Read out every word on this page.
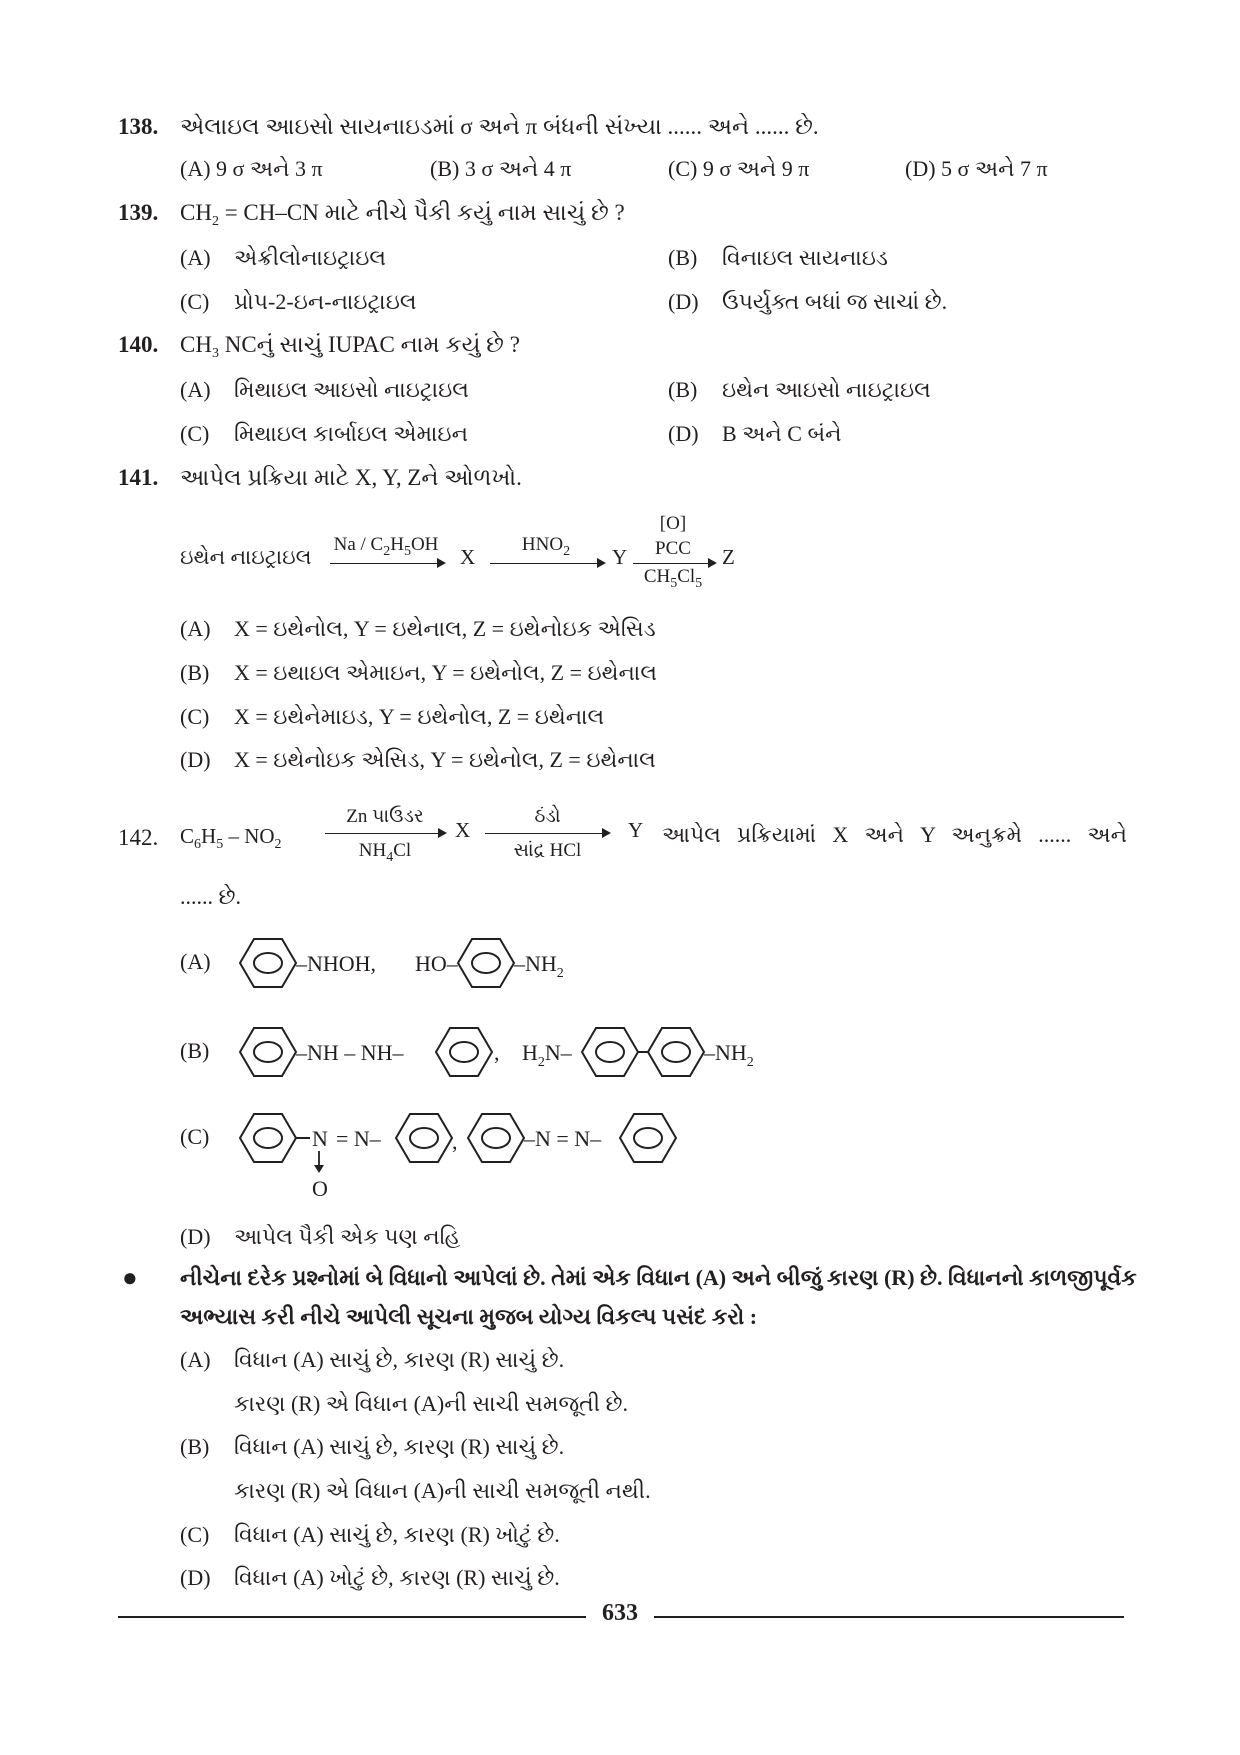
138. એલાઇલ આઇસો સાયનાઇડમાં σ અને π બંધની સંખ્યા ...... અને ...... છે.
(A) 9 σ અને 3 π	(B) 3 σ અને 4 π	(C) 9 σ અને 9 π	(D) 5 σ અને 7 π
139. $CH_2 = CH-CN$ માટે નીચે પૈકી કયું નામ સાચું છે ?
(A) એક્રીલોનાઇટ્રાઇલ	(B) વિનાઇલ સાયનાઇડ
(C) પ્રોપ-2-ઇન-નાઇટ્રાઇલ	(D) ઉપર્યુક્ત બધાં જ સાચાં છે.
140. $CH_3$ NCનું સાચું IUPAC નામ કયું છે ?
(A) મિથાઇલ આઇસો નાઇટ્રાઇલ	(B) ઇથેન આઇસો નાઇટ્રાઇલ
(C) મિથાઇલ કાર્બાઇલ એમાઇન	(D) B અને C બંને
141. આપેલ પ્રક્રિયા માટે X, Y, Zને ઓળખો.
ઇથેન નાઇટ્રાઇલ
Na / $C_2H_5OH$
X
$HNO_2$	Y
[O]
PCC
$CH_5Cl_5$
Z
(A) X = ઇથેનોલ, Y = ઇથેનાલ, Z = ઇથેનોઇક એસિડ
(B) X = ઇથાઇલ એમાઇન, Y = ઇથેનોલ, Z = ઇથેનાલ
(C) X = ઇથેનેમાઇડ, Y = ઇથેનોલ, Z = ઇથેનાલ
(D) X = ઇથેનોઇક એસિડ, Y = ઇથેનોલ, Z = ઇથેનાલ
142. $C_6H_5 - NO_2$
Zn પાઉડર
$NH_4Cl$
X
ઠંડો
સાંદ્ર HCl
Y આપેલ પ્રક્રિયામાં X અને Y અનુક્રમે ...... અને
...... છે.
(A)	–NHOH, HO–	$-NH_2$
(B)	–NH – NH–	, $H_2N-$	$-NH_2$
(C)	N
O
= N–	,	–N = N–
(D) આપેલ પૈકી એક પણ નહિ
● નીચેના દરેક પ્રશ્નોમાં બે વિધાનો આપેલાં છે. તેમાં એક વિધાન (A) અને બીજું કારણ (R) છે. વિધાનનો કાળજીપૂર્વક
અભ્યાસ કરી નીચે આપેલી સૂચના મુજબ યોગ્ય વિકલ્પ પસંદ કરો :
(A) વિધાન (A) સાચું છે, કારણ (R) સાચું છે.
કારણ (R) એ વિધાન (A)ની સાચી સમજૂતી છે.
(B) વિધાન (A) સાચું છે, કારણ (R) સાચું છે.
કારણ (R) એ વિધાન (A)ની સાચી સમજૂતી નથી.
(C) વિધાન (A) સાચું છે, કારણ (R) ખોટું છે.
(D) વિધાન (A) ખોટું છે, કારણ (R) સાચું છે.
633
